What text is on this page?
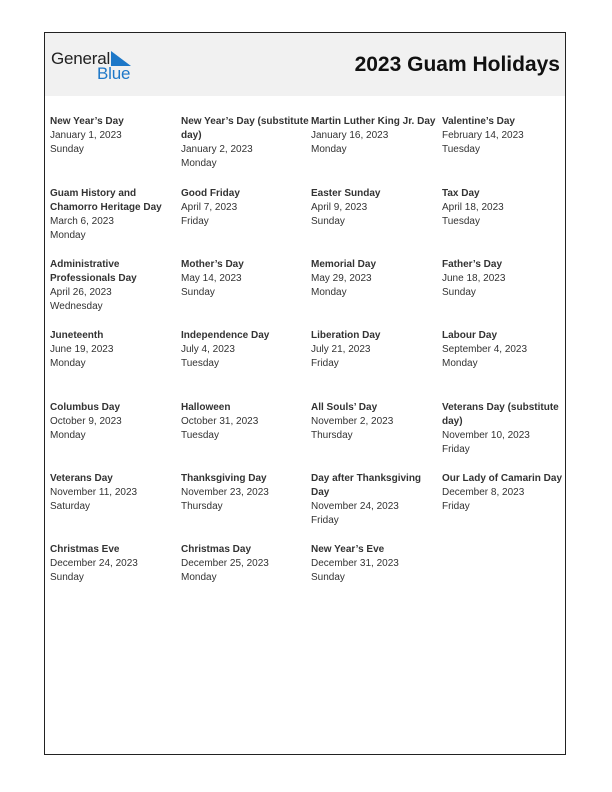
General
Blue	2023 Guam Holidays
New Year’s Day
January 1, 2023
Sunday
New Year’s Day (substitute day)
January 2, 2023
Monday
Martin Luther King Jr. Day
January 16, 2023
Monday
Valentine’s Day
February 14, 2023
Tuesday
Guam History and Chamorro Heritage Day
March 6, 2023
Monday
Good Friday
April 7, 2023
Friday
Easter Sunday
April 9, 2023
Sunday
Tax Day
April 18, 2023
Tuesday
Administrative Professionals Day
April 26, 2023
Wednesday
Mother’s Day
May 14, 2023
Sunday
Memorial Day
May 29, 2023
Monday
Father’s Day
June 18, 2023
Sunday
Juneteenth
June 19, 2023
Monday
Independence Day
July 4, 2023
Tuesday
Liberation Day
July 21, 2023
Friday
Labour Day
September 4, 2023
Monday
Columbus Day
October 9, 2023
Monday
Halloween
October 31, 2023
Tuesday
All Souls’ Day
November 2, 2023
Thursday
Veterans Day (substitute day)
November 10, 2023
Friday
Veterans Day
November 11, 2023
Saturday
Thanksgiving Day
November 23, 2023
Thursday
Day after Thanksgiving Day
November 24, 2023
Friday
Our Lady of Camarin Day
December 8, 2023
Friday
Christmas Eve
December 24, 2023
Sunday
Christmas Day
December 25, 2023
Monday
New Year’s Eve
December 31, 2023
Sunday
